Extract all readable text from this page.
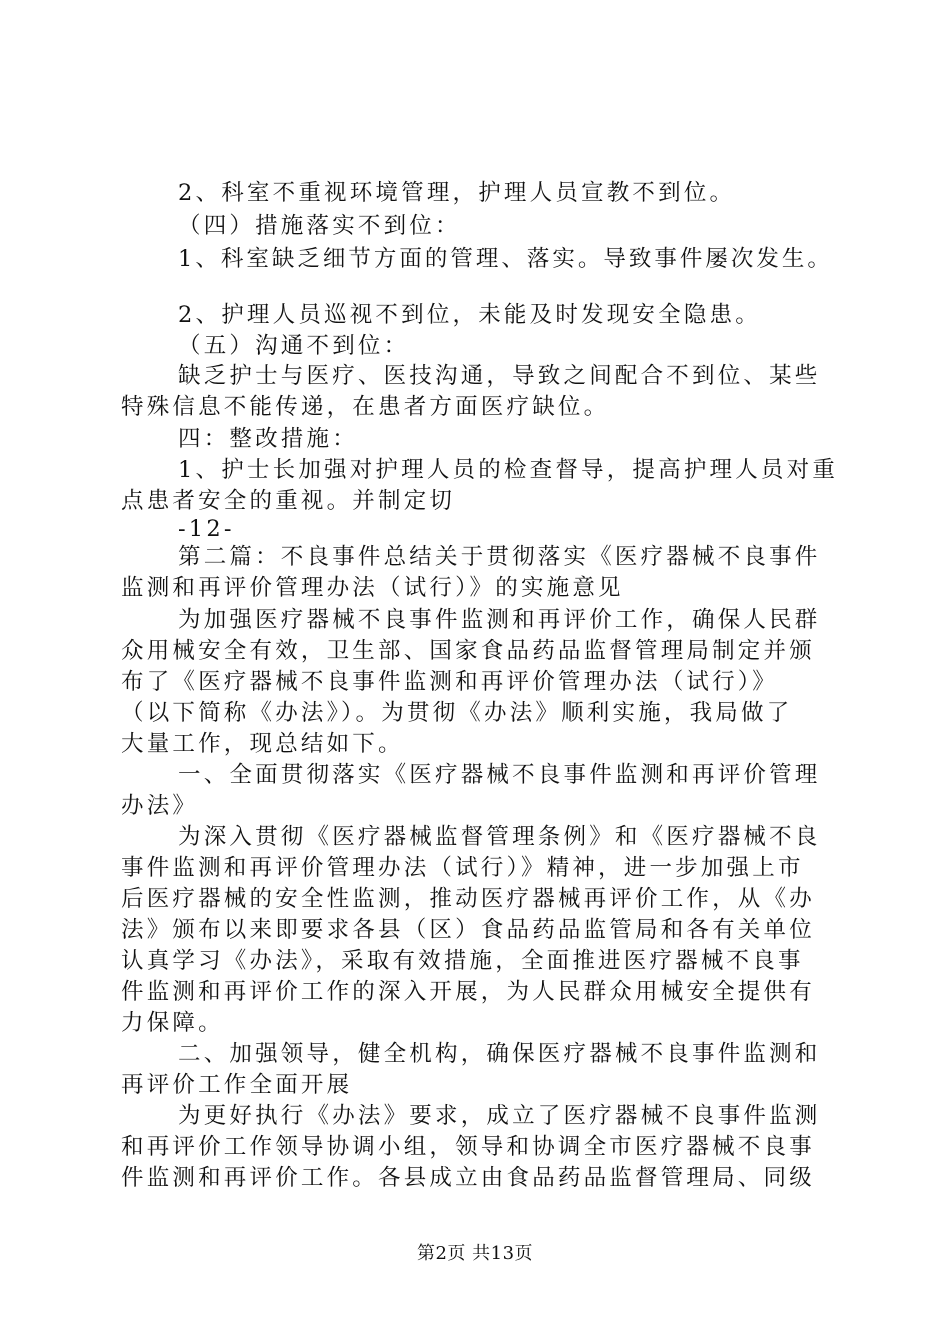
2、科室不重视环境管理，护理人员宣教不到位。
（四）措施落实不到位：
1、科室缺乏细节方面的管理、落实。导致事件屡次发生。
2、护理人员巡视不到位，未能及时发现安全隐患。
（五）沟通不到位：
缺乏护士与医疗、医技沟通，导致之间配合不到位、某些
特殊信息不能传递，在患者方面医疗缺位。
四：整改措施：
1、护士长加强对护理人员的检查督导，提高护理人员对重
点患者安全的重视。并制定切
-12-
第二篇：不良事件总结关于贯彻落实《医疗器械不良事件
监测和再评价管理办法（试行）》的实施意见
为加强医疗器械不良事件监测和再评价工作，确保人民群
众用械安全有效，卫生部、国家食品药品监督管理局制定并颁
布了《医疗器械不良事件监测和再评价管理办法（试行）》
（以下简称《办法》）。为贯彻《办法》顺利实施，我局做了
大量工作，现总结如下。
一、全面贯彻落实《医疗器械不良事件监测和再评价管理
办法》
为深入贯彻《医疗器械监督管理条例》和《医疗器械不良
事件监测和再评价管理办法（试行）》精神，进一步加强上市
后医疗器械的安全性监测，推动医疗器械再评价工作，从《办
法》颁布以来即要求各县（区）食品药品监管局和各有关单位
认真学习《办法》，采取有效措施，全面推进医疗器械不良事
件监测和再评价工作的深入开展，为人民群众用械安全提供有
力保障。
二、加强领导，健全机构，确保医疗器械不良事件监测和
再评价工作全面开展
为更好执行《办法》要求，成立了医疗器械不良事件监测
和再评价工作领导协调小组，领导和协调全市医疗器械不良事
件监测和再评价工作。各县成立由食品药品监督管理局、同级
第2页 共13页
